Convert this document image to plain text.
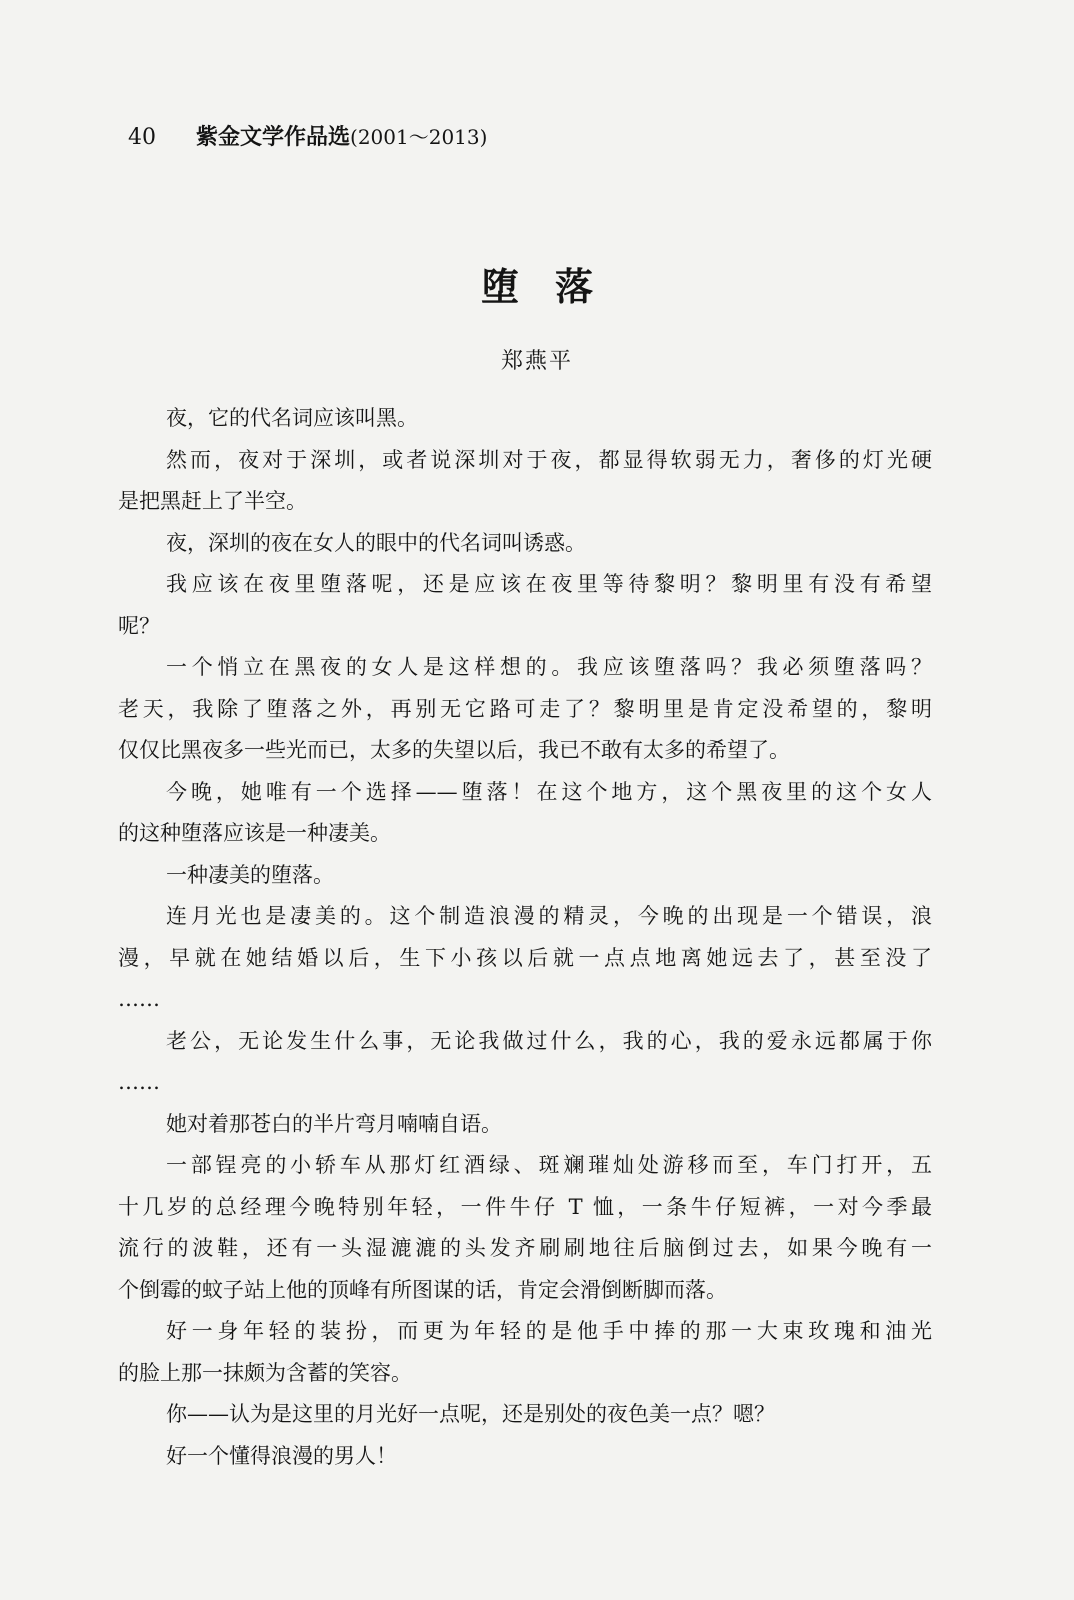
40 紫金文学作品选 (2001～2013)
堕落
郑燕平
夜，它的代名词应该叫黑。
然而，夜对于深圳，或者说深圳对于夜，都显得软弱无力，奢侈的灯光硬
是把黑赶上了半空。
夜，深圳的夜在女人的眼中的代名词叫诱惑。
我应该在夜里堕落呢，还是应该在夜里等待黎明？黎明里有没有希望
呢？
一个悄立在黑夜的女人是这样想的。我应该堕落吗？我必须堕落吗？
老天，我除了堕落之外，再别无它路可走了？黎明里是肯定没希望的，黎明
仅仅比黑夜多一些光而已，太多的失望以后，我已不敢有太多的希望了。
今晚，她唯有一个选择——堕落！在这个地方，这个黑夜里的这个女人
的这种堕落应该是一种凄美。
一种凄美的堕落。
连月光也是凄美的。这个制造浪漫的精灵，今晚的出现是一个错误，浪
漫，早就在她结婚以后，生下小孩以后就一点点地离她远去了，甚至没了
……
老公，无论发生什么事，无论我做过什么，我的心，我的爱永远都属于你
……
她对着那苍白的半片弯月喃喃自语。
一部锃亮的小轿车从那灯红酒绿、斑斓璀灿处游移而至，车门打开，五
十几岁的总经理今晚特别年轻，一件牛仔 T 恤，一条牛仔短裤，一对今季最
流行的波鞋，还有一头湿漉漉的头发齐刷刷地往后脑倒过去，如果今晚有一
个倒霉的蚊子站上他的顶峰有所图谋的话，肯定会滑倒断脚而落。
好一身年轻的装扮，而更为年轻的是他手中捧的那一大束玫瑰和油光
的脸上那一抹颇为含蓄的笑容。
你——认为是这里的月光好一点呢，还是别处的夜色美一点？嗯？
好一个懂得浪漫的男人！
